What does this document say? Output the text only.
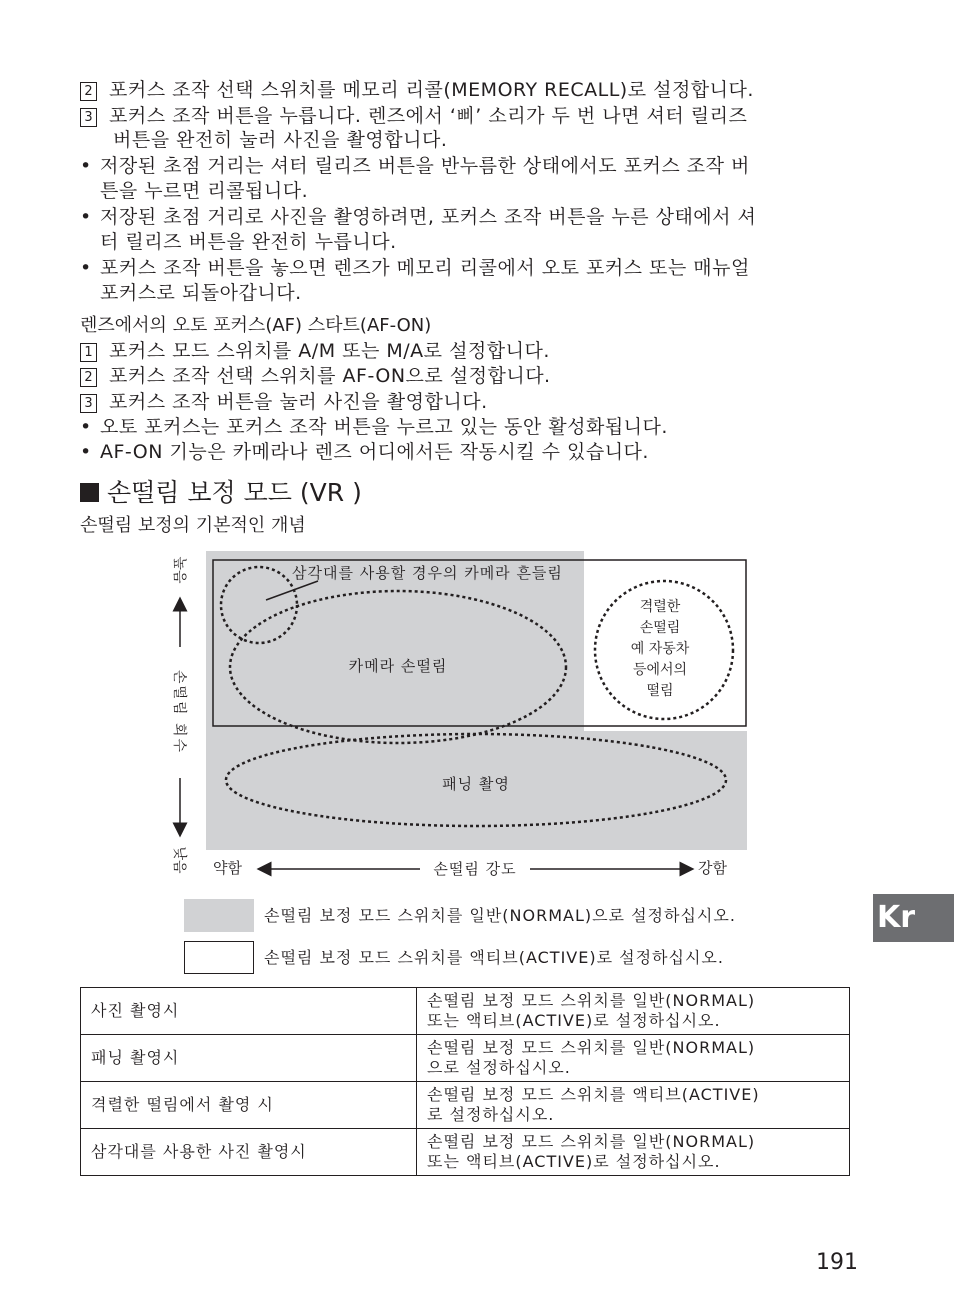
2 포커스 조작 선택 스위치를 메모리 리콜(MEMORY RECALL)로 설정합니다.
3 포커스 조작 버튼을 누릅니다. 렌즈에서 ‘삐’ 소리가 두 번 나면 셔터 릴리즈
버튼을 완전히 눌러 사진을 촬영합니다.
• 저장된 초점 거리는 셔터 릴리즈 버튼을 반누름한 상태에서도 포커스 조작 버
튼을 누르면 리콜됩니다.
• 저장된 초점 거리로 사진을 촬영하려면, 포커스 조작 버튼을 누른 상태에서 셔
터 릴리즈 버튼을 완전히 누릅니다.
• 포커스 조작 버튼을 놓으면 렌즈가 메모리 리콜에서 오토 포커스 또는 매뉴얼
포커스로 되돌아갑니다.
렌즈에서의 오토 포커스(AF) 스타트(AF-ON)
1 포커스 모드 스위치를 A/M 또는 M/A로 설정합니다.
2 포커스 조작 선택 스위치를 AF-ON으로 설정합니다.
3 포커스 조작 버튼을 눌러 사진을 촬영합니다.
• 오토 포커스는 포커스 조작 버튼을 누르고 있는 동안 활성화됩니다.
• AF-ON 기능은 카메라나 렌즈 어디에서든 작동시킬 수 있습니다.
손떨림 보정 모드 (VR )
손떨림 보정의 기본적인 개념
삼각대를 사용할 경우의 카메라 흔들림
카메라 손떨림
격렬한
손떨림
예 자동차
등에서의
떨림
패닝 촬영
높음
손떨림 회수
낮음 약함	손떨림 강도	강함
손떨림 보정 모드 스위치를 일반(NORMAL)으로 설정하십시오.
손떨림 보정 모드 스위치를 액티브(ACTIVE)로 설정하십시오.
사진 촬영시	손떨림 보정 모드 스위치를 일반(NORMAL)
또는 액티브(ACTIVE)로 설정하십시오.

패닝 촬영시	손떨림 보정 모드 스위치를 일반(NORMAL)
으로 설정하십시오.

격렬한 떨림에서 촬영 시	손떨림 보정 모드 스위치를 액티브(ACTIVE)
로 설정하십시오.

삼각대를 사용한 사진 촬영시	손떨림 보정 모드 스위치를 일반(NORMAL)
또는 액티브(ACTIVE)로 설정하십시오.
Kr
191
